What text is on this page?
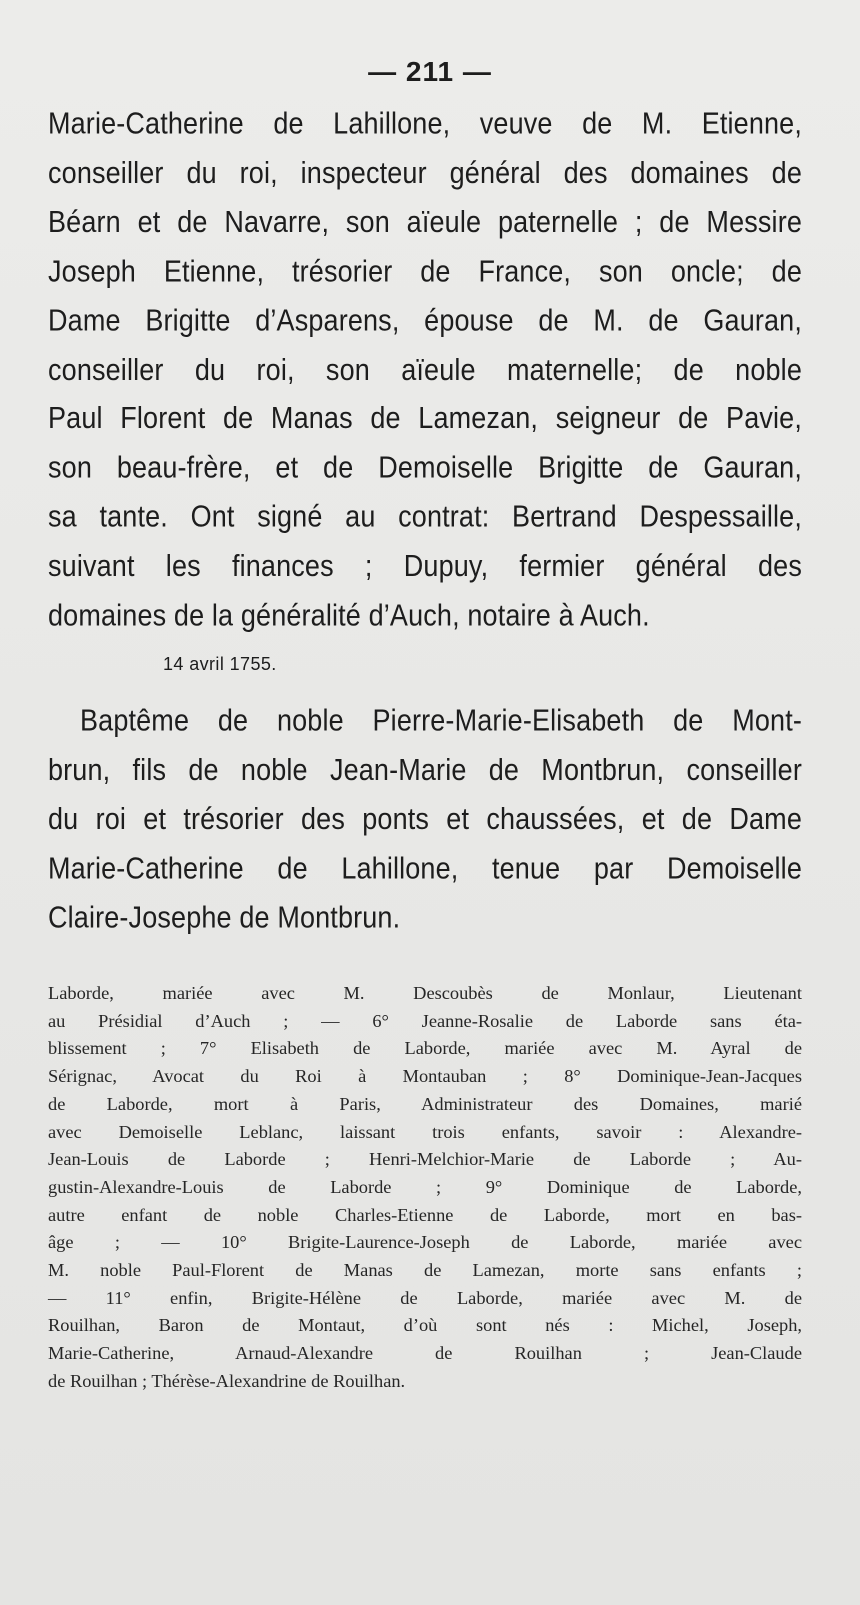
— 211 —

Marie-Catherine de Lahillone, veuve de M. Etienne,
conseiller du roi, inspecteur général des domaines de
Béarn et de Navarre, son aïeule paternelle ; de Messire
Joseph Etienne, trésorier de France, son oncle; de
Dame Brigitte d’Asparens, épouse de M. de Gauran,
conseiller du roi, son aïeule maternelle; de noble
Paul Florent de Manas de Lamezan, seigneur de Pavie,
son beau-frère, et de Demoiselle Brigitte de Gauran,
sa tante. Ont signé au contrat: Bertrand Despessaille,
suivant les finances ; Dupuy, fermier général des
domaines de la généralité d’Auch, notaire à Auch.

14 avril 1755.

Baptême de noble Pierre-Marie-Elisabeth de Mont-
brun, fils de noble Jean-Marie de Montbrun, conseiller
du roi et trésorier des ponts et chaussées, et de Dame
Marie-Catherine de Lahillone, tenue par Demoiselle
Claire-Josephe de Montbrun.

Laborde, mariée avec M. Descoubès de Monlaur, Lieutenant
au Présidial d’Auch ; — 6° Jeanne-Rosalie de Laborde sans éta-
blissement ; 7° Elisabeth de Laborde, mariée avec M. Ayral de
Sérignac, Avocat du Roi à Montauban ; 8° Dominique-Jean-Jacques
de Laborde, mort à Paris, Administrateur des Domaines, marié
avec Demoiselle Leblanc, laissant trois enfants, savoir : Alexandre-
Jean-Louis de Laborde ; Henri-Melchior-Marie de Laborde ; Au-
gustin-Alexandre-Louis de Laborde ; 9° Dominique de Laborde,
autre enfant de noble Charles-Etienne de Laborde, mort en bas-
âge ; — 10° Brigite-Laurence-Joseph de Laborde, mariée avec
M. noble Paul-Florent de Manas de Lamezan, morte sans enfants ;
— 11° enfin, Brigite-Hélène de Laborde, mariée avec M. de
Rouilhan, Baron de Montaut, d’où sont nés : Michel, Joseph,
Marie-Catherine, Arnaud-Alexandre de Rouilhan ; Jean-Claude
de Rouilhan ; Thérèse-Alexandrine de Rouilhan.
